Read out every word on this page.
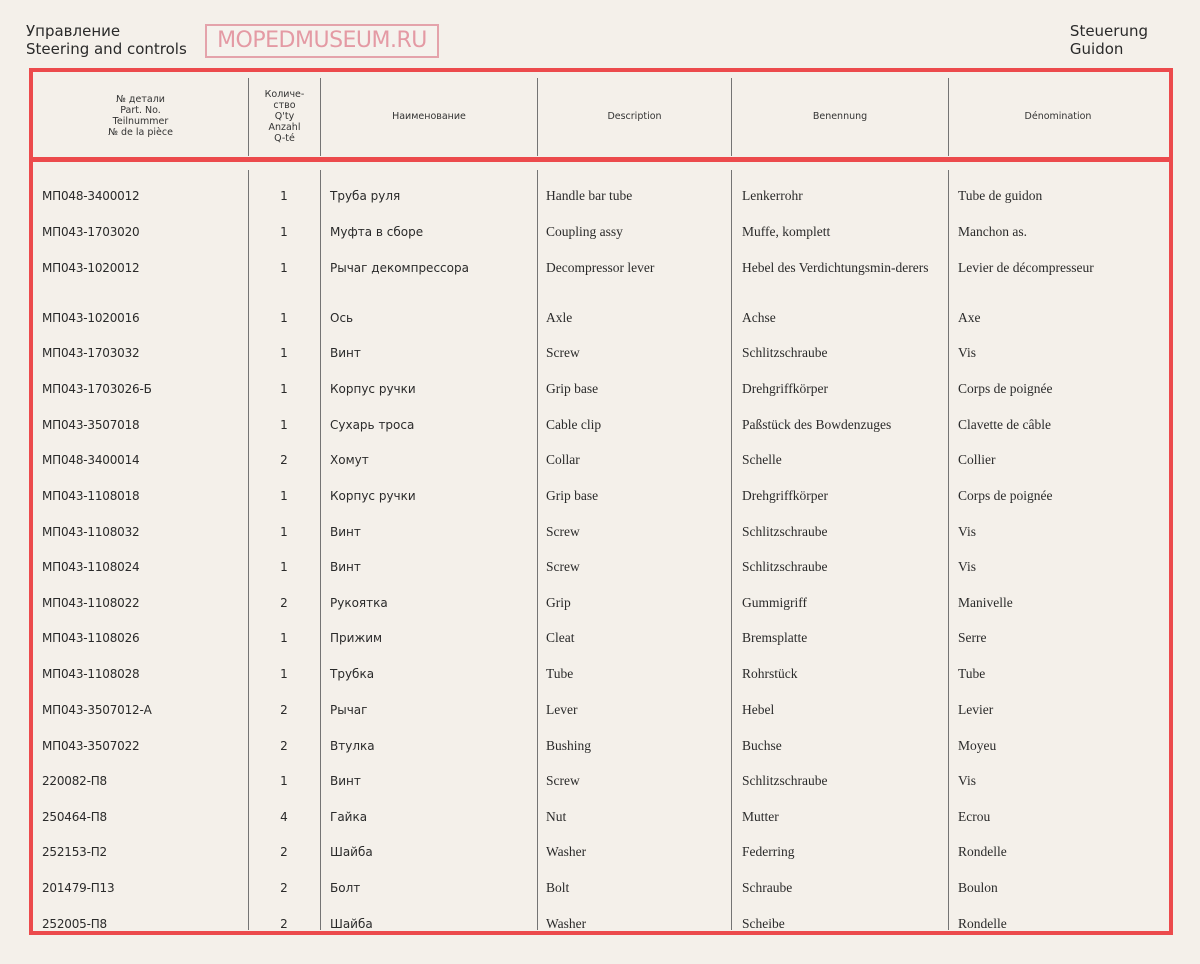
Управление
Steering and controls	MOPEDMUSEUM.RU	Steuerung
Guidon
№ детали
Part. No.
Teilnummer
№ de la pièce
Количе-
ство
Q'ty
Anzahl
Q-té
Наименование	Description	Benennung	Dénomination
МП048-3400012	1	Труба руля	Handle bar tube	Lenkerrohr	Tube de guidon
МП043-1703020	1	Муфта в сборе	Coupling assy	Muffe, komplett	Manchon as.
МП043-1020012	1	Рычаг декомпрессора	Decompressor lever	Hebel des Verdichtungsmin-derers	Levier de décompresseur
МП043-1020016	1	Ось	Axle	Achse	Axe
МП043-1703032	1	Винт	Screw	Schlitzschraube	Vis
МП043-1703026-Б	1	Корпус ручки	Grip base	Drehgriffkörper	Corps de poignée
МП043-3507018	1	Сухарь троса	Cable clip	Paßstück des Bowdenzuges	Clavette de câble
МП048-3400014	2	Хомут	Collar	Schelle	Collier
МП043-1108018	1	Корпус ручки	Grip base	Drehgriffkörper	Corps de poignée
МП043-1108032	1	Винт	Screw	Schlitzschraube	Vis
МП043-1108024	1	Винт	Screw	Schlitzschraube	Vis
МП043-1108022	2	Рукоятка	Grip	Gummigriff	Manivelle
МП043-1108026	1	Прижим	Cleat	Bremsplatte	Serre
МП043-1108028	1	Трубка	Tube	Rohrstück	Tube
МП043-3507012-А	2	Рычаг	Lever	Hebel	Levier
МП043-3507022	2	Втулка	Bushing	Buchse	Moyeu
220082-П8	1	Винт	Screw	Schlitzschraube	Vis
250464-П8	4	Гайка	Nut	Mutter	Ecrou
252153-П2	2	Шайба	Washer	Federring	Rondelle
201479-П13	2	Болт	Bolt	Schraube	Boulon
252005-П8	2	Шайба	Washer	Scheibe	Rondelle
